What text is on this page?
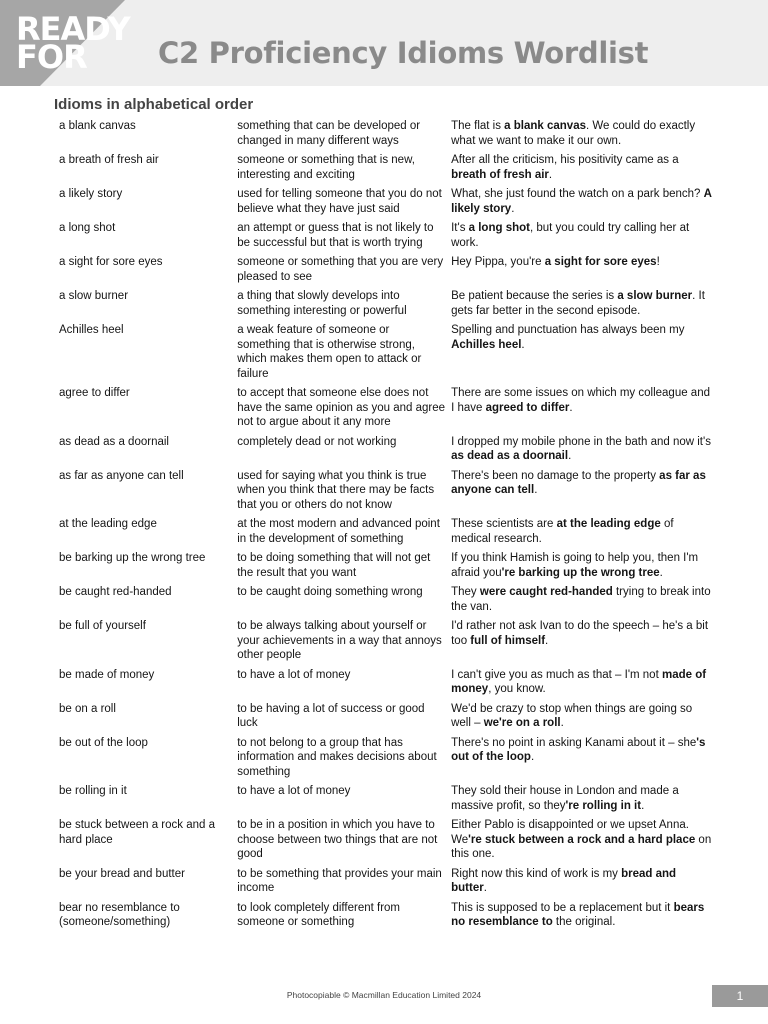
READY
FOR C2 Proficiency Idioms Wordlist
Idioms in alphabetical order
a blank canvas	something that can be developed or changed in many different ways	The flat is a blank canvas. We could do exactly what we want to make it our own.
a breath of fresh air	someone or something that is new, interesting and exciting	After all the criticism, his positivity came as a breath of fresh air.
a likely story	used for telling someone that you do not believe what they have just said	What, she just found the watch on a park bench? A likely story.
a long shot	an attempt or guess that is not likely to be successful but that is worth trying	It's a long shot, but you could try calling her at work.
a sight for sore eyes	someone or something that you are very pleased to see	Hey Pippa, you're a sight for sore eyes!
a slow burner	a thing that slowly develops into something interesting or powerful	Be patient because the series is a slow burner. It gets far better in the second episode.
Achilles heel	a weak feature of someone or something that is otherwise strong, which makes them open to attack or failure	Spelling and punctuation has always been my Achilles heel.
agree to differ	to accept that someone else does not have the same opinion as you and agree not to argue about it any more	There are some issues on which my colleague and I have agreed to differ.
as dead as a doornail	completely dead or not working	I dropped my mobile phone in the bath and now it's as dead as a doornail.
as far as anyone can tell	used for saying what you think is true when you think that there may be facts that you or others do not know	There's been no damage to the property as far as anyone can tell.
at the leading edge	at the most modern and advanced point in the development of something	These scientists are at the leading edge of medical research.
be barking up the wrong tree	to be doing something that will not get the result that you want	If you think Hamish is going to help you, then I'm afraid you're barking up the wrong tree.
be caught red-handed	to be caught doing something wrong	They were caught red-handed trying to break into the van.
be full of yourself	to be always talking about yourself or your achievements in a way that annoys other people	I'd rather not ask Ivan to do the speech – he's a bit too full of himself.
be made of money	to have a lot of money	I can't give you as much as that – I'm not made of money, you know.
be on a roll	to be having a lot of success or good luck	We'd be crazy to stop when things are going so well – we're on a roll.
be out of the loop	to not belong to a group that has information and makes decisions about something	There's no point in asking Kanami about it – she's out of the loop.
be rolling in it	to have a lot of money	They sold their house in London and made a massive profit, so they're rolling in it.
be stuck between a rock and a hard place	to be in a position in which you have to choose between two things that are not good	Either Pablo is disappointed or we upset Anna. We're stuck between a rock and a hard place on this one.
be your bread and butter	to be something that provides your main income	Right now this kind of work is my bread and butter.
bear no resemblance to (someone/something)	to look completely different from someone or something	This is supposed to be a replacement but it bears no resemblance to the original.
Photocopiable © Macmillan Education Limited 2024	1
